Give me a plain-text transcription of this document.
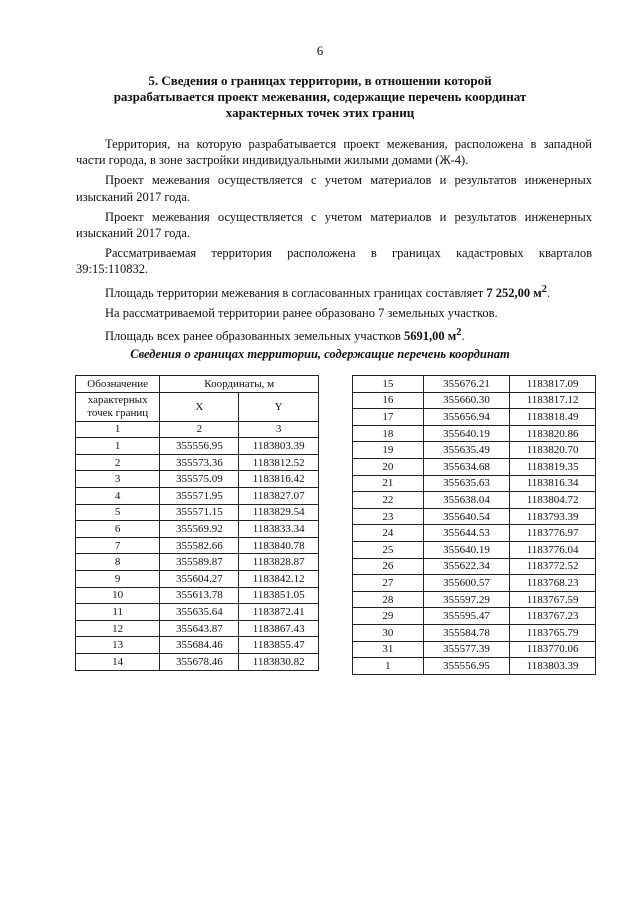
6
5. Сведения о границах территории, в отношении которой
разрабатывается проект межевания, содержащие перечень координат
характерных точек этих границ

Территория, на которую разрабатывается проект межевания, расположена в западной части города, в зоне застройки индивидуальными жилыми домами (Ж-4).

Проект межевания осуществляется с учетом материалов и результатов инженерных изысканий 2017 года.

Проект межевания осуществляется с учетом материалов и результатов инженерных изысканий 2017 года.

Рассматриваемая территория расположена в границах кадастровых кварталов 39:15:110832.

Площадь территории межевания в согласованных границах составляет 7 252,00 $м^2$.

На рассматриваемой территории ранее образовано 7 земельных участков.

Площадь всех ранее образованных земельных участков 5691,00 $м^2$.

Сведения о границах территории, содержащие перечень координат
Обозначение	Координаты, м	

характерных
точек границ	X	Y
1	2	3
1	355556.95	1183803.39
2	355573.36	1183812.52
3	355575.09	1183816.42
4	355571.95	1183827.07
5	355571.15	1183829.54
6	355569.92	1183833.34
7	355582.66	1183840.78
8	355589.87	1183828.87
9	355604.27	1183842.12
10	355613.78	1183851.05
11	355635.64	1183872.41
12	355643.87	1183867.43
13	355684.46	1183855.47
14	355678.46	1183830.82
15	355676.21	1183817.09
16	355660.30	1183817.12
17	355656.94	1183818.49
18	355640.19	1183820.86
19	355635.49	1183820.70
20	355634.68	1183819.35
21	355635.63	1183816.34
22	355638.04	1183804.72
23	355640.54	1183793.39
24	355644.53	1183776.97
25	355640.19	1183776.04
26	355622.34	1183772.52
27	355600.57	1183768.23
28	355597.29	1183767.59
29	355595.47	1183767.23
30	355584.78	1183765.79
31	355577.39	1183770.06
1	355556.95	1183803.39
